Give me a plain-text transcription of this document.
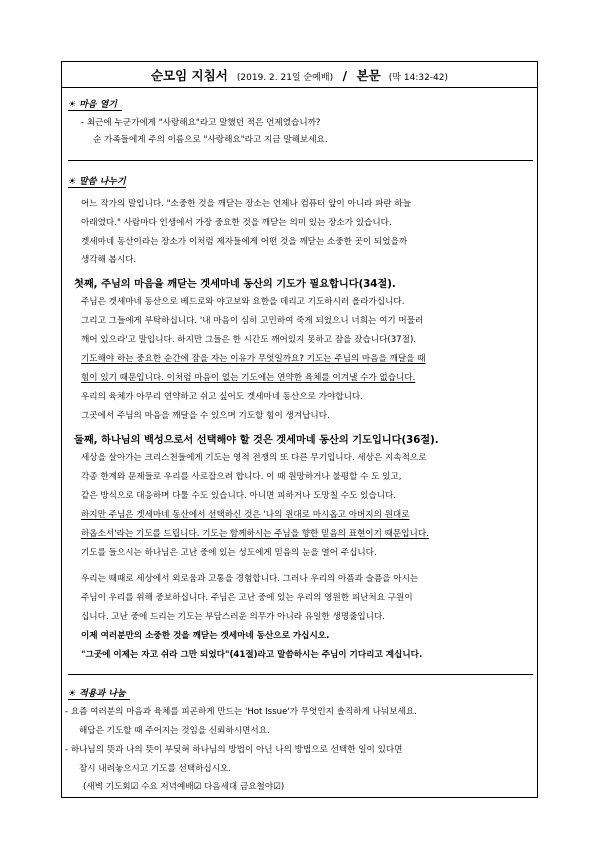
순모임 지침서 (2019. 2. 21일 순예배)  /  본문 (막 14:32-42)
☀ 마음 열기
- 최근에 누군가에게 "사랑해요"라고 말했던 적은 언제였습니까?
순 가족들에게 주의 이름으로 "사랑해요"라고 지금 말해보세요.
☀ 말씀 나누기
어느 작가의 말입니다. "소중한 것을 깨닫는 장소는 언제나 컴퓨터 앞이 아니라 파란 하늘
아래였다." 사람마다 인생에서 가장 중요한 것을 깨닫는 의미 있는 장소가 있습니다.
겟세마네 동산이라는 장소가 이처럼 제자들에게 어떤 것을 깨닫는 소중한 곳이 되었을까
생각해 봅시다.
첫째, 주님의 마음을 깨닫는 겟세마네 동산의 기도가 필요합니다(34절).
주님은 겟세마네 동산으로 베드로와 야고보와 요한을 데리고 기도하시러 올라가십니다.
그리고 그들에게 부탁하십니다. '내 마음이 심히 고민하여 죽게 되었으니 너희는 여기 머물러
깨어 있으라'고 말입니다. 하지만 그들은 한 시간도 깨어있지 못하고 잠을 잤습니다(37절).
기도해야 하는 중요한 순간에 잠을 자는 이유가 무엇일까요? 기도는 주님의 마음을 깨달을 때
힘이 있기 때문입니다. 이처럼 마음이 없는 기도에는 연약한 육체를 이겨낼 수가 없습니다.
우리의 육체가 아무리 연약하고 쉬고 싶어도 겟세마네 동산으로 가야합니다.
그곳에서 주님의 마음을 깨달을 수 있으며 기도할 힘이 생겨납니다.
둘째, 하나님의 백성으로서 선택해야 할 것은 겟세마네 동산의 기도입니다(36절).
세상을 살아가는 크리스천들에게 기도는 영적 전쟁의 또 다른 무기입니다. 세상은 지속적으로
각종 한계와 문제들로 우리를 사로잡으려 합니다. 이 때 원망하거나 불평할 수 도 있고,
같은 방식으로 대응하며 다툴 수도 있습니다. 아니면 피하거나 도망칠 수도 있습니다.
하지만 주님은 겟세마네 동산에서 선택하신 것은 '나의 원대로 마시옵고 아버지의 원대로
하옵소서'라는 기도를 드립니다. 기도는 함께하시는 주님을 향한 믿음의 표현이기 때문입니다.
기도를 들으시는 하나님은 고난 중에 있는 성도에게 믿음의 눈을 열어 주십니다.
우리는 때때로 세상에서 외로움과 고통을 경험합니다. 그러나 우리의 아픔과 슬픔을 아시는
주님이 우리를 위해 중보하십니다. 주님은 고난 중에 있는 우리의 영원한 피난처요 구원이
십니다. 고난 중에 드리는 기도는 부담스러운 의무가 아니라 유일한 생명줄입니다.
이제 여러분만의 소중한 것을 깨닫는 겟세마네 동산으로 가십시오.
"그곳에 이제는 자고 쉬라 그만 되었다"(41절)라고 말씀하시는 주님이 기다리고 계십니다.
☀ 적용과 나눔
- 요즘 여러분의 마음과 육체를 피곤하게 만드는 'Hot Issue'가 무엇인지 솔직하게 나눠보세요.
해답은 기도할 때 주어지는 것임을 신뢰하시면서요.
- 하나님의 뜻과 나의 뜻이 부딪혀 하나님의 방법이 아닌 나의 방법으로 선택한 일이 있다면
잠시 내려놓으시고 기도를 선택하십시오.
(새벽 기도회☑ 수요 저녁예배☑ 다음세대 금요철야☑)
